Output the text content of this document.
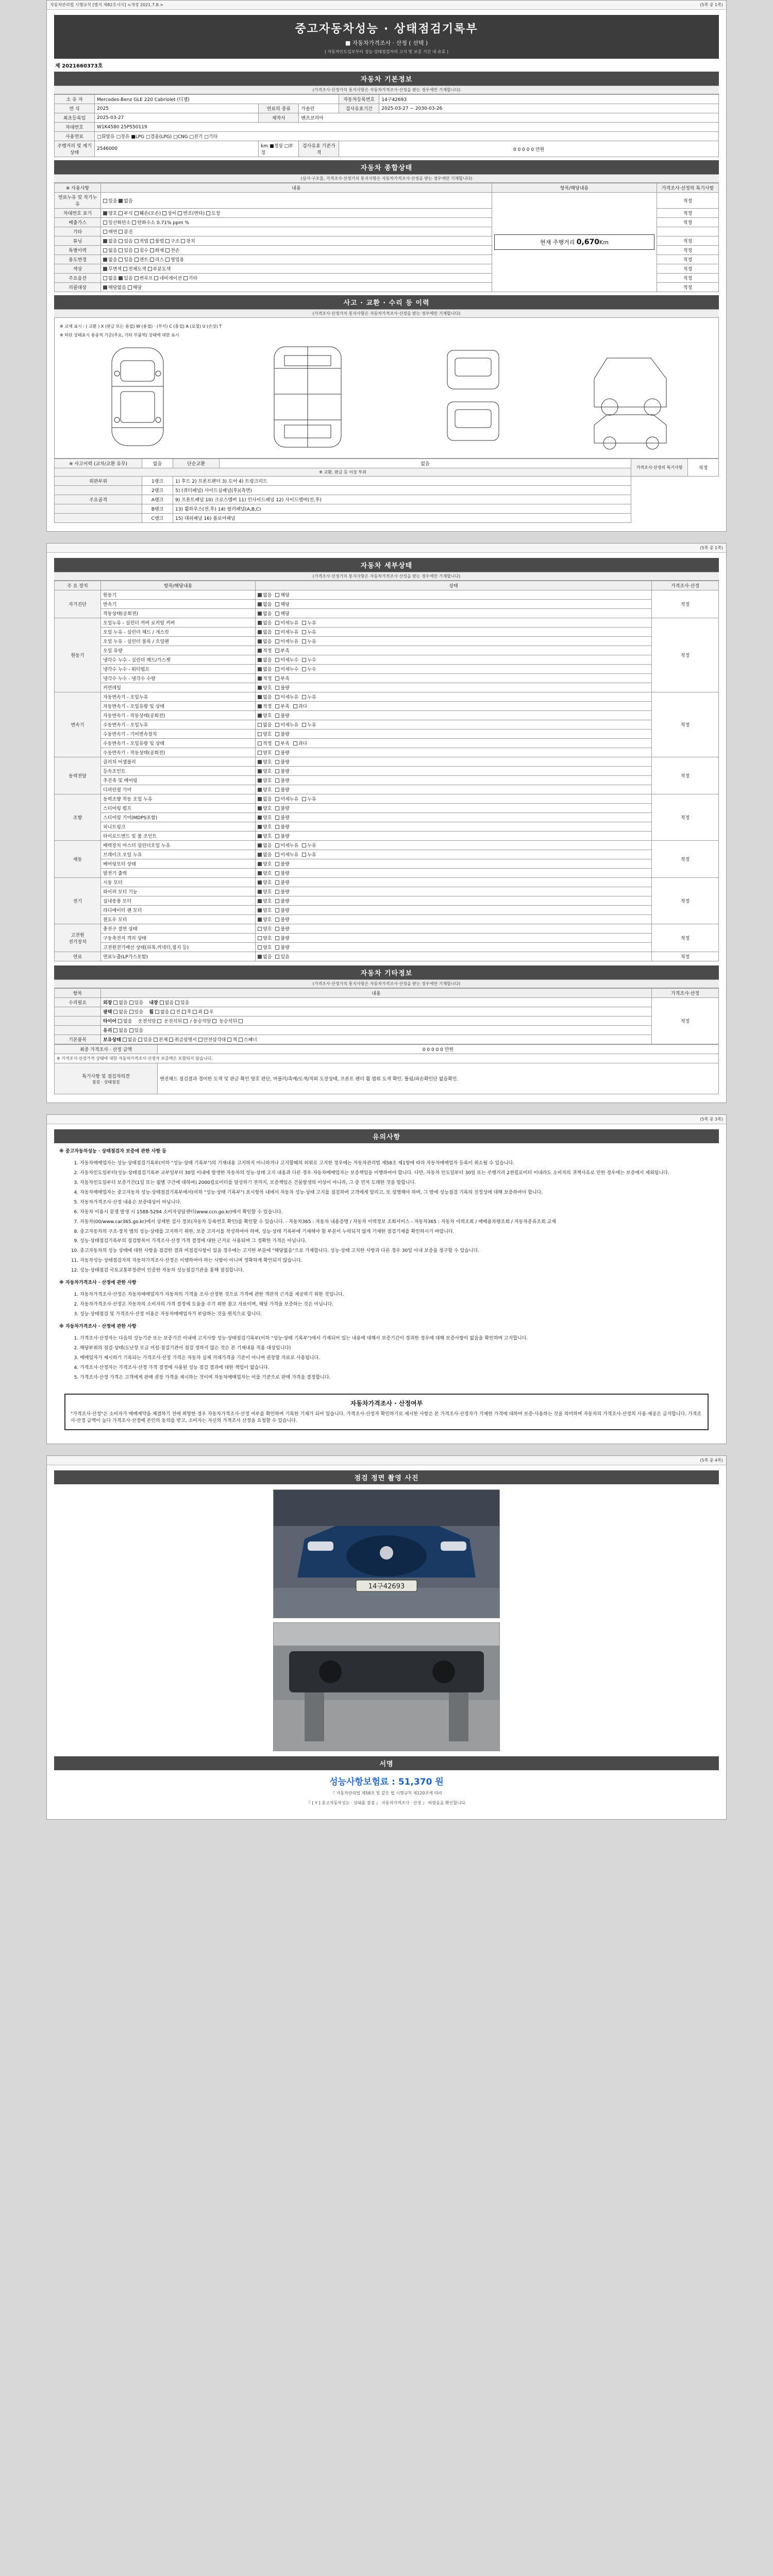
자동차관리법 시행규칙 [별지 제82호서식] <개정 2021.7.8.>	(5쪽 중 1쪽)
중고자동차성능 · 상태점검기록부
■ 자동차가격조사 · 산정 ( 선택 )
( 자동차인도일로부터 성능·상태점검자의 고지 및 보증 기간 내 유효 )
제 2021660373호
자동차 기본정보
(가격조사·산정가치 통지사항은 자동차가격조사·산정을 받는 경우에만 기재합니다)
소 유 자	Mercedes-Benz GLE 220 Cabriolet (디젤)			자동차등록번호	14구42693
연 식	2025	연료의 종류	가솔린	검사유효기간	2025-03-27 ~ 2030-03-26
최초등록일	2025-03-27	제작사	벤츠코리아		
차대번호	W1K4580 25PS50119				
사용연료	□휘발유 □경유 ■LPG □겸용(LPG) □CNG □전기 □기타				
주행거리 및 계기상태	2546000	km ■정상 □부정	검사유효 기준가격	0 0 0 0 0 만원	
자동차 종합상태
(심사·구조물, 가격조사·산정가치 통지사항은 자동차가격조사·산정을 받는 경우에만 기재합니다)
※ 사용사항	내용	항목/해당내용	가격조사·산정의 특기사항
연료누유 및 적기누유	있음 없음	현재 주행거리 0,670Km	적정
차대번호 표기	양호 부식 훼손(오손) 상이 변조(변타) 도장		적정
배출가스	일산화탄소 탄화수소 0.71% ppm %		적정
기타	매연 분진		
튜닝	없음 있음 적법 불법 구조 장치		적정
특별이력	없음 있음 침수 화재 전손		적정
용도변경	없음 있음 렌트 리스 영업용		적정
색상	무변색 전체도색 부분도색		적정
주요옵션	없음 있음 썬루프 네비게이션 기타		적정
리콜대상	해당없음 해당		적정
사고 · 교환 · 수리 등 이력
(가격조사·산정가치 통지사항은 자동차가격조사·산정을 받는 경우에만 기재합니다)
※ 교체 표시 : ( 교환 ) X (판금 또는 용접) W (용접) · (부식) C (흠집) A (요철) U (손상) T
※ 하단 상태표시 용종적 기준(주요, 기타 부품역) 상태에 대한 표시
※ 사고이력 (교차/교환 유무)	없음	단순교환	없음	가격조사·산정의 특기사항	적정
※ 교환, 판금 등 이상 부위					
외판부위	1랭크	1) 후드 2) 프론트펜더 3) 도어 4) 트렁크리드			
	2랭크	5) (쿼터패널) 사이드실패널(후)(측면)			
주요골격	A랭크	9) 프론트패널 10) 크로스멤버 11) 인사이드패널 12) 사이드멤버(전,후)			
	B랭크	13) 휠하우스(전,후) 14) 필러패널(A,B,C)			
	C랭크	15) 대쉬패널 16) 플로어패널			
(5쪽 중 1쪽)
자동차 세부상태
(가격조사·산정가치 통지사항은 자동차가격조사·산정을 받는 경우에만 기재합니다)
주 요 장치	항목/해당내용	상태	가격조사·산정
자기진단	원동기	없음 해당	적정
	변속기	없음 해당	
	작동상태(공회전)	없음 해당	
원동기	오일누유 - 실린더 커버 로커암 커버	없음 미세누유 누유	적정
	오일 누유 - 실린더 헤드 / 개스킷	없음 미세누유 누유	
	오일 누유 - 실린더 블록 / 오일팬	없음 미세누유 누유	
	오일 유량	적정 부족	
	냉각수 누수 - 실린더 헤드/가스켓	없음 미세누수 누수	
	냉각수 누수 - 워터펌프	없음 미세누수 누수	
	냉각수 누수 - 냉각수 수량	적정 부족	
	커먼레일	양호 불량	
변속기	자동변속기 - 오일누유	없음 미세누유 누유	적정
	자동변속기 - 오일유량 및 상태	적정 부족 과다	
	자동변속기 - 작동상태(공회전)	양호 불량	
	수동변속기 - 오일누유	없음 미세누유 누유	
	수동변속기 - 기어변속장치	양호 불량	
	수동변속기 - 오일유량 및 상태	적정 부족 과다	
	수동변속기 - 작동상태(공회전)	양호 불량	
동력전달	클러치 어셈블리	양호 불량	적정
	등속조인트	양호 불량	
	추진축 및 베어링	양호 불량	
	디퍼런셜 기어	양호 불량	
조향	동력조향 작동 오일 누유	없음 미세누유 누유	적정
	스티어링 펌프	양호 불량	
	스티어링 기어(MDPS포함)	양호 불량	
	피니트링크	양호 불량	
	타이로드엔드 및 볼 조인트	양호 불량	
제동	배력장치 마스터 실린더오일 누유	없음 미세누유 누유	적정
	브레이크 오일 누유	없음 미세누유 누유	
	베어링모터 상태	양호 불량	
	발전기 출력	양호 불량	
전기	시동 모터	양호 불량	적정
	와이퍼 모터 기능	양호 불량	
	실내송풍 모터	양호 불량	
	라디에이터 팬 모터	양호 불량	
	윈도우 모터	양호 불량	
고전원
전기장치	충전구 절연 상태	양호 불량	적정
	구동축전지 격리 상태	양호 불량	
	고전원전기배선 상태(피복,커넥터,접지 등)	양호 불량	
연료	연료누출(LP가스포함)	없음 있음	적정
자동차 기타정보
(가격조사·산정가치 통지사항은 자동차가격조사·산정을 받는 경우에만 기재합니다)
항목	내용	가격조사·산정
수리필요	외장 없음 있음    내장 없음 있음	적정
	광택 없음 있음    휠 없음 전 후 좌 우	
	타이어 없음    운전석앞  운전석뒤  / 동승석앞  동승석뒤	
	유리 없음 있음	
기본품목	보유상태 없음 있음 본체 취급설명서 안전삼각대 잭 스패너	
최종 가격조사 · 산정 금액	0 0 0 0 0 만원
※ 가격조사·산정가격 상태에 대한 자동차가격조사·산정자 보증액은 포함되지 않습니다.	
특기사항 및 점검자의견
점검 · 상태점검	엔진헤드 점검결과 경미한 도색 및 판금 확인 양호 판단, 머플러/촉매/도색/적외 도장상태, 프론트 펜더 휠 범위 도색 확인. 틀림/파손확인단 없음확인.
(5쪽 중 3쪽)
유의사항
※ 중고자동차성능 · 상태점검자 보증에 관한 사항 등
1. 자동차매매업자는 성능·상태점검기록부(이하 "성능·상태 기록부")의 기재내용 고지하지 아니하거나 고지할때의 허위로 고지한 경우에는 자동차관리법 제58조 제1항에 따라 자동차매매업자 등록이 취소될 수 있습니다.
2. 자동차인도일부터(성능·상태점검기록부 교부일부터 30일 이내에 발생한 자동차의 성능·상태 고지 내용과 다른 경우 자동차매매업자는 보증책임을 이행하여야 합니다. 다만, 자동차 인도일부터 30일 또는 주행거리 2천킬로미터 이내라도 소비자의 귀책사유로 인한 경우에는 보증에서 제외됩니다.
3. 자동차인도일부터 보증기간(1일 또는 월별 구간에 대하여) 2000킬로미터를 달성하기 전까지, 보증책임은 건물발생의 이상이 아니라, 그 중 먼저 도래한 것을 말합니다.
4. 자동차매매업자는 중고자동차 성능·상태점검기록부에서(이하 "성능·상태 기록부") 표시항목 내에서 자동차 성능·상태 고지를 점검하여 고객에게 알리고, 또 설명해야 하며, 그 밖에 성능점검 기록의 진정성에 대해 보증하여야 합니다.
5. 자동차가격조사·산정 내용은 보증대상이 아닙니다.
6. 자동차 이용시 분쟁 발생 시 1588-5294 소비자상담센터(www.ccn.go.kr)에서 확인할 수 있습니다.
7. 자동차(00/www.car365.go.kr)에서 상세한 검사 정보(자동차 등록번호 확인)를 확인할 수 있습니다. - 자동차365 : 자동차 내용증명 / 자동차 이력정보 조회서비스 - 자동차365 : 자동차 이력조회 / 매매용차량조회 / 자동차종류조회 교재
8. 중고자동차의 구조·장치 별의 성능·상태를 고지하기 위한, 보증 고지서를 작성하여야 하며, 성능·상태 기록부에 기재해야 할 부분이 누락되지 않게 기재한 점검기재를 확인하시기 바랍니다.
9. 성능·상태점검기록부의 점검항목이 가격조사·산정 가격 결정에 대한 근거로 사용되며 그 정확한 가격은 아닙니다.
10. 중고자동차의 성능 상태에 대한 사항을 점검한 결과 미점검사항이 있을 경우에는 고지한 부분에 "해당없음"으로 기재합니다. 성능·상태 고지한 사항과 다른 경우 30일 이내 보증을 청구할 수 있습니다.
11. 자동차성능·상태점검자의 자동차가격조사·산정은 이행하여야 하는 사항이 아니며 정확하게 확인되지 않습니다.
12. 성능·상태점검 국토교통부장관이 인증한 자동차 성능점검기관을 통해 점검합니다.
※ 자동차가격조사 · 산정에 관한 사항
1. 자동차가격조사·산정은 자동차매매업자가 자동차의 가격을 조사·산정한 것으로 가격에 관한 객관적 근거를 제공하기 위한 것입니다.
2. 자동차가격조사·산정은 자동차의 소비자의 가격 결정에 도움을 주기 위한 참고 자료이며, 해당 가격을 보증하는 것은 아닙니다.
3. 성능·상태점검 및 가격조사·산정 비용은 자동차매매업자가 부담하는 것을 원칙으로 합니다.
※ 자동차가격조사 · 산정에 관한 사항
1. 가격조사·산정자는 다음의 성능기준 또는 보증기간 이내에 고지사항 성능·상태점검기록부(이하 "성능·상태 기록부")에서 기재되어 있는 내용에 대해서 보증기간이 경과한 경우에 대해 보증사항이 없음을 확인하며 고지합니다.
2. 해당부위의 점검·상태(도난장 모금 미설·점검기관이 점검 정하지 않은 것은 본 기재내용 적용 대상입니다)
3. 매매업자가 제시하기 기록되는 가격조사·산정 가격은 자동차 실제 거래가격을 기준이 아니며 권장할 자료로 사용됩니다.
4. 가격조사·산정자는 가격조사·산정 가격 결정에 사용된 성능 점검 결과에 대한 책임이 없습니다.
5. 가격조사·산정 가격은 고객에게 판매 권장 가격을 제시하는 것이며 자동차매매업자는 이를 기준으로 판매 가격을 결정합니다.
자동차가격조사 · 산정여부
"가격조사·산정"은 소비자가 매매계약을 체결하기 전에 희망한 경우 자동차가격조사·산정 여부를 확인하며 기록한 기재가 되어 있습니다. 가격조사·산정자 확인하기로 제시한 사항은 본 가격조사·산정자가 기재한 가격에 대하여 보증·사용하는 것을 의미하며 자동차의 가격조사·산정의 사용·제공은 금지합니다. 가격조사·산정 금액이 높다 가격조사·산정에 본인의 동의를 받고, 소비자는 자신의 가격조사 산정을 요청할 수 있습니다.
(5쪽 중 4쪽)
점검 정면 촬영 사진
14구42693
서명
성능사항보험료 : 51,370 원
『 자동차관리법 제58조 및 같은 법 시행규칙 제120조에 따라
『 [ Y ] 중고자동차성능 · 상태를 점검 』 자동차가격조사 · 산정 』 하였음을 확인합니다.
